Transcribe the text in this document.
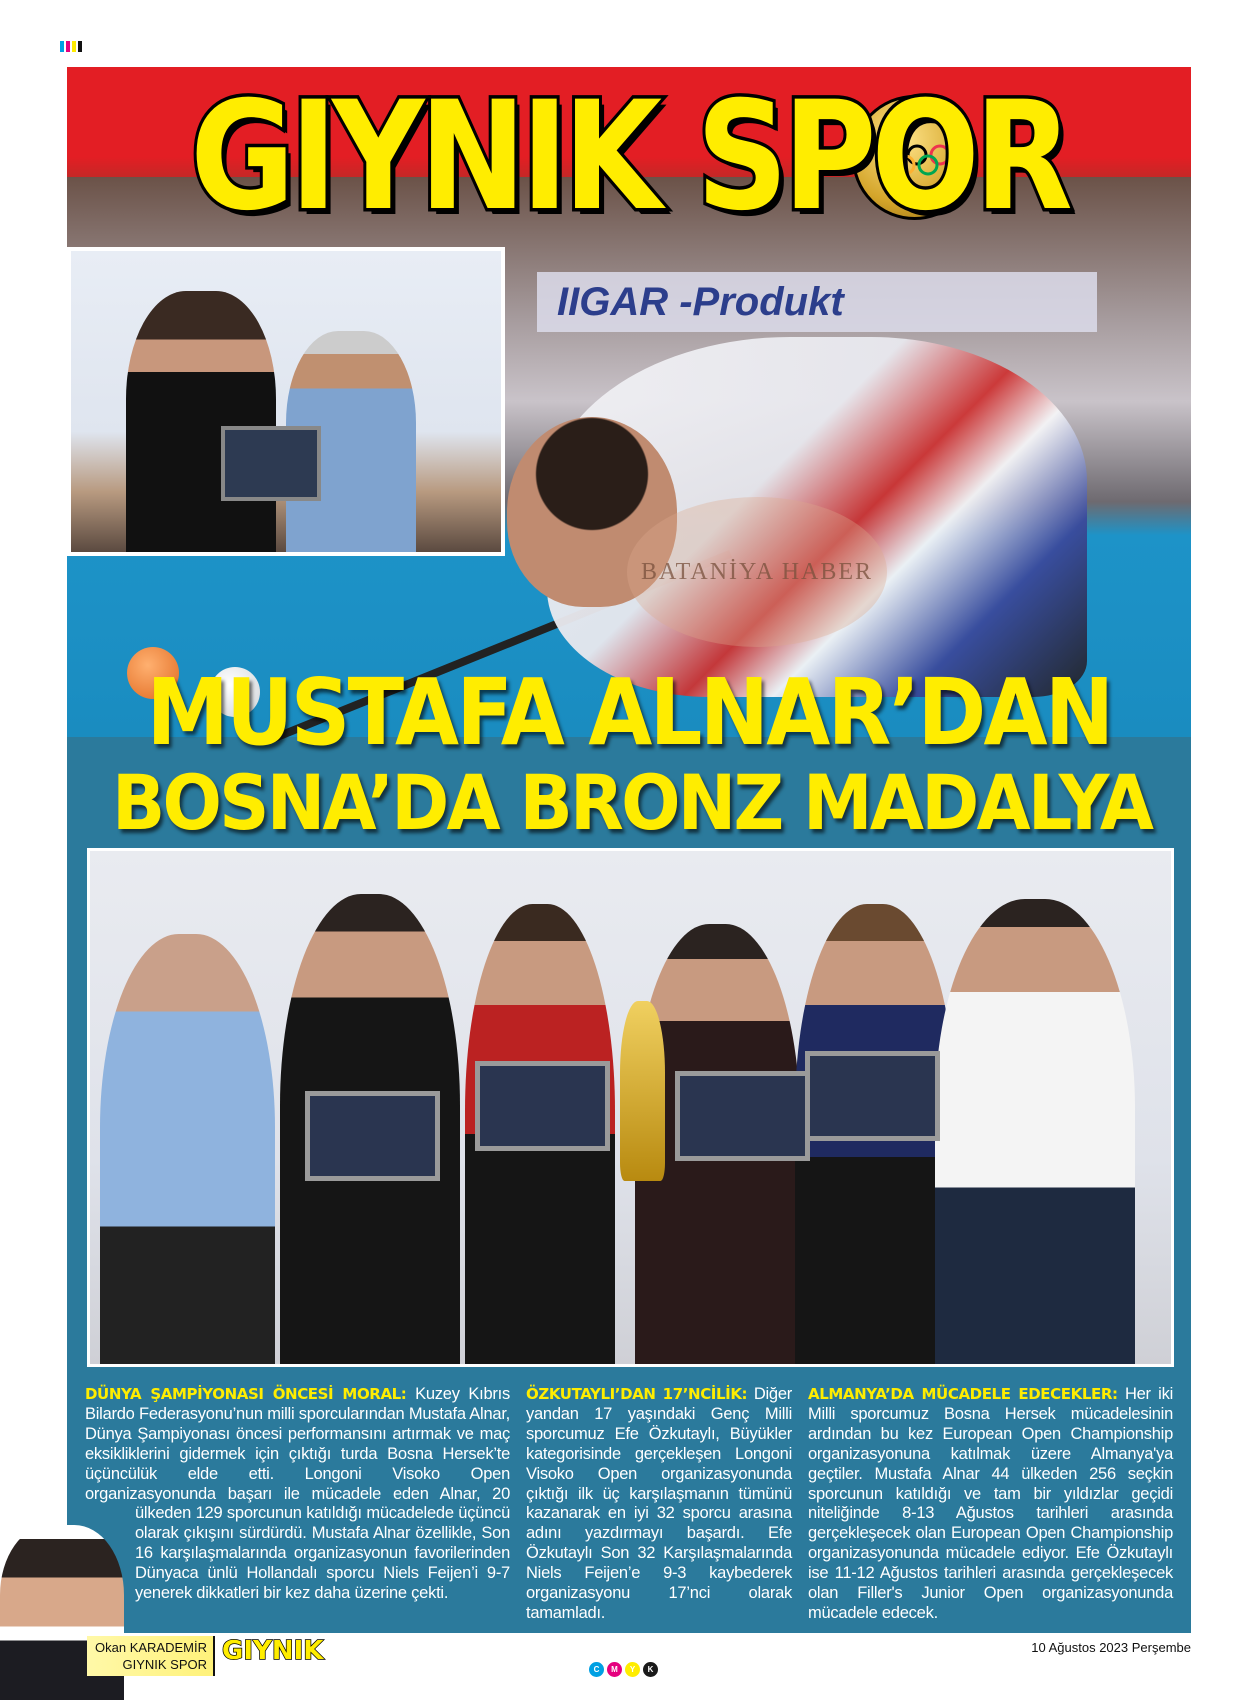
IIGAR -Produkt
GIYNIK SPOR
BATANİYA HABER
MUSTAFA ALNAR’DAN
BOSNA’DA BRONZ MADALYA

DÜNYA ŞAMPİYONASI ÖNCESİ MORAL: Kuzey Kıbrıs Bilardo Federasyonu’nun milli sporcularından Mustafa Alnar, Dünya Şampiyonası öncesi performansını artırmak ve maç eksikliklerini gidermek için çıktığı turda Bosna Hersek’te üçüncülük elde etti. Longoni Visoko Open organizasyonunda başarı ile mücadele eden Alnar, 20 ülkeden 129 sporcunun katıldığı mücadelede üçüncü olarak çıkışını sürdürdü. Mustafa Alnar özellikle, Son 16 karşılaşmalarında organizasyonun favorilerinden Dünyaca ünlü Hollandalı sporcu Niels Feijen’i 9-7 yenerek dikkatleri bir kez daha üzerine çekti.

ÖZKUTAYLI’DAN 17’NCİLİK: Diğer yandan 17 yaşındaki Genç Milli sporcumuz Efe Özkutaylı, Büyükler kategorisinde gerçekleşen Longoni Visoko Open organizasyonunda çıktığı ilk üç karşılaşmanın tümünü kazanarak en iyi 32 sporcu arasına adını yazdırmayı başardı. Efe Özkutaylı Son 32 Karşılaşmalarında Niels Feijen’e 9-3 kaybederek organizasyonu 17’nci olarak tamamladı.

ALMANYA’DA MÜCADELE EDECEKLER: Her iki Milli sporcumuz Bosna Hersek mücadelesinin ardından bu kez European Open Championship organizasyonuna katılmak üzere Almanya'ya geçtiler. Mustafa Alnar 44 ülkeden 256 seçkin sporcunun katıldığı ve tam bir yıldızlar geçidi niteliğinde 8-13 Ağustos tarihleri arasında gerçekleşecek olan European Open Championship organizasyonunda mücadele ediyor. Efe Özkutaylı ise 11-12 Ağustos tarihleri arasında gerçekleşecek olan Filler's Junior Open organizasyonunda mücadele edecek.

Okan KARADEMİR
GIYNIK SPOR GIYNIK	10 Ağustos 2023 Perşembe
C	M	Y	K
